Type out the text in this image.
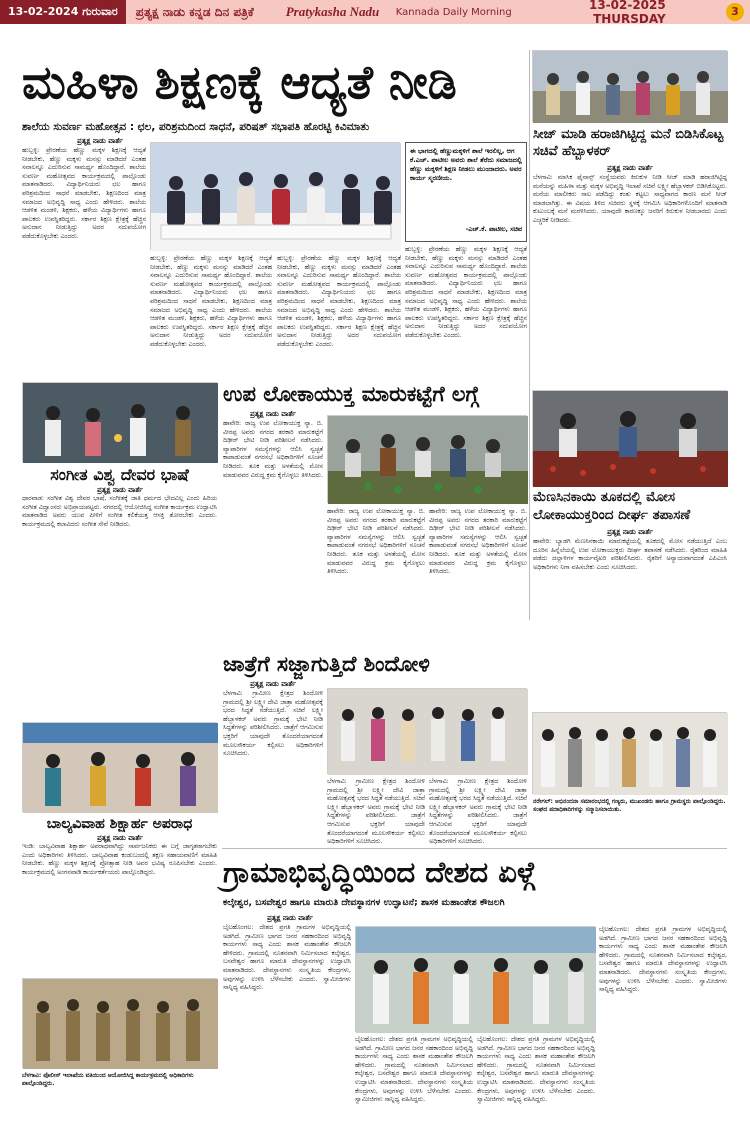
13-02-2024 ಗುರುವಾರ	ಪ್ರತ್ಯಕ್ಷ ನಾಡು ಕನ್ನಡ ದಿನ ಪತ್ರಿಕೆ	Pratykasha Nadu	Kannada Daily Morning	13-02-2025 THURSDAY
3
ಮಹಿಳಾ ಶಿಕ್ಷಣಕ್ಕೆ ಆದ್ಯತೆ ನೀಡಿ
ಶಾಲೆಯ ಸುವರ್ಣ ಮಹೋತ್ಸವ : ಛಲ, ಪರಿಶ್ರಮದಿಂದ ಸಾಧನೆ, ಪರಿಷತ್ ಸಭಾಪತಿ ಹೊರಟ್ಟಿ ಕಿವಿಮಾತು
ಪ್ರತ್ಯಕ್ಷ ನಾಡು ವಾರ್ತೆ
ಹುಬ್ಬಳ್ಳಿ: ಪ್ರೇರಣೆಯ ಹೆಣ್ಣು ಮಕ್ಕಳ ಶಿಕ್ಷಣಕ್ಕೆ ಆದ್ಯತೆ ನೀಡಬೇಕು, ಹೆಣ್ಣು ಮಕ್ಕಳು ಮನಸ್ಸು ಮಾಡಿದರೆ ಎಂತಹ ಸವಾಲನ್ನೂ ಎದುರಿಸುವ ಸಾಮರ್ಥ್ಯ ಹೊಂದಿದ್ದಾರೆ. ಶಾಲೆಯ ಸುವರ್ಣ ಮಹೋತ್ಸವದ ಕಾರ್ಯಕ್ರಮದಲ್ಲಿ ಪಾಲ್ಗೊಂಡು ಮಾತನಾಡಿದರು. ವಿದ್ಯಾರ್ಥಿನಿಯರು ಛಲ ಹಾಗೂ ಪರಿಶ್ರಮದಿಂದ ಸಾಧನೆ ಮಾಡಬೇಕು, ಶಿಕ್ಷಣದಿಂದ ಮಾತ್ರ ಸಮಾಜದ ಅಭಿವೃದ್ಧಿ ಸಾಧ್ಯ ಎಂದು ಹೇಳಿದರು. ಶಾಲೆಯ ಆಡಳಿತ ಮಂಡಳಿ, ಶಿಕ್ಷಕರು, ಹಳೆಯ ವಿದ್ಯಾರ್ಥಿಗಳು ಹಾಗೂ ಪಾಲಕರು ಉಪಸ್ಥಿತರಿದ್ದರು. ಸರ್ಕಾರ ಶಿಕ್ಷಣ ಕ್ಷೇತ್ರಕ್ಕೆ ಹೆಚ್ಚಿನ ಅನುದಾನ ನೀಡುತ್ತಿದ್ದು ಅದರ ಸದುಪಯೋಗ ಪಡೆದುಕೊಳ್ಳಬೇಕು ಎಂದರು.
ಹುಬ್ಬಳ್ಳಿ: ಪ್ರೇರಣೆಯ ಹೆಣ್ಣು ಮಕ್ಕಳ ಶಿಕ್ಷಣಕ್ಕೆ ಆದ್ಯತೆ ನೀಡಬೇಕು, ಹೆಣ್ಣು ಮಕ್ಕಳು ಮನಸ್ಸು ಮಾಡಿದರೆ ಎಂತಹ ಸವಾಲನ್ನೂ ಎದುರಿಸುವ ಸಾಮರ್ಥ್ಯ ಹೊಂದಿದ್ದಾರೆ. ಶಾಲೆಯ ಸುವರ್ಣ ಮಹೋತ್ಸವದ ಕಾರ್ಯಕ್ರಮದಲ್ಲಿ ಪಾಲ್ಗೊಂಡು ಮಾತನಾಡಿದರು. ವಿದ್ಯಾರ್ಥಿನಿಯರು ಛಲ ಹಾಗೂ ಪರಿಶ್ರಮದಿಂದ ಸಾಧನೆ ಮಾಡಬೇಕು, ಶಿಕ್ಷಣದಿಂದ ಮಾತ್ರ ಸಮಾಜದ ಅಭಿವೃದ್ಧಿ ಸಾಧ್ಯ ಎಂದು ಹೇಳಿದರು. ಶಾಲೆಯ ಆಡಳಿತ ಮಂಡಳಿ, ಶಿಕ್ಷಕರು, ಹಳೆಯ ವಿದ್ಯಾರ್ಥಿಗಳು ಹಾಗೂ ಪಾಲಕರು ಉಪಸ್ಥಿತರಿದ್ದರು. ಸರ್ಕಾರ ಶಿಕ್ಷಣ ಕ್ಷೇತ್ರಕ್ಕೆ ಹೆಚ್ಚಿನ ಅನುದಾನ ನೀಡುತ್ತಿದ್ದು ಅದರ ಸದುಪಯೋಗ ಪಡೆದುಕೊಳ್ಳಬೇಕು ಎಂದರು.
ಹುಬ್ಬಳ್ಳಿ: ಪ್ರೇರಣೆಯ ಹೆಣ್ಣು ಮಕ್ಕಳ ಶಿಕ್ಷಣಕ್ಕೆ ಆದ್ಯತೆ ನೀಡಬೇಕು, ಹೆಣ್ಣು ಮಕ್ಕಳು ಮನಸ್ಸು ಮಾಡಿದರೆ ಎಂತಹ ಸವಾಲನ್ನೂ ಎದುರಿಸುವ ಸಾಮರ್ಥ್ಯ ಹೊಂದಿದ್ದಾರೆ. ಶಾಲೆಯ ಸುವರ್ಣ ಮಹೋತ್ಸವದ ಕಾರ್ಯಕ್ರಮದಲ್ಲಿ ಪಾಲ್ಗೊಂಡು ಮಾತನಾಡಿದರು. ವಿದ್ಯಾರ್ಥಿನಿಯರು ಛಲ ಹಾಗೂ ಪರಿಶ್ರಮದಿಂದ ಸಾಧನೆ ಮಾಡಬೇಕು, ಶಿಕ್ಷಣದಿಂದ ಮಾತ್ರ ಸಮಾಜದ ಅಭಿವೃದ್ಧಿ ಸಾಧ್ಯ ಎಂದು ಹೇಳಿದರು. ಶಾಲೆಯ ಆಡಳಿತ ಮಂಡಳಿ, ಶಿಕ್ಷಕರು, ಹಳೆಯ ವಿದ್ಯಾರ್ಥಿಗಳು ಹಾಗೂ ಪಾಲಕರು ಉಪಸ್ಥಿತರಿದ್ದರು. ಸರ್ಕಾರ ಶಿಕ್ಷಣ ಕ್ಷೇತ್ರಕ್ಕೆ ಹೆಚ್ಚಿನ ಅನುದಾನ ನೀಡುತ್ತಿದ್ದು ಅದರ ಸದುಪಯೋಗ ಪಡೆದುಕೊಳ್ಳಬೇಕು ಎಂದರು.
ಈ ಭಾಗದಲ್ಲಿ ಹೆಣ್ಣುಮಕ್ಕಳಿಗೆ ಶಾಲೆ ಇರಲಿಲ್ಲ, ಆಗ ಕೆ.ಎಚ್. ಪಾಟೀಲ ಅವರು ಶಾಲೆ ತೆರೆದು ಸಮಾಜದಲ್ಲಿ ಹೆಣ್ಣು ಮಕ್ಕಳಿಗೆ ಶಿಕ್ಷಣ ನೀಡಲು ಮುಂದಾದರು. ಅವರ ಕಾರ್ಯ ಸ್ಮರಣೀಯ.
-ಎಚ್.ಕೆ. ಪಾಟೀಲ, ಸಚಿವ
ಹುಬ್ಬಳ್ಳಿ: ಪ್ರೇರಣೆಯ ಹೆಣ್ಣು ಮಕ್ಕಳ ಶಿಕ್ಷಣಕ್ಕೆ ಆದ್ಯತೆ ನೀಡಬೇಕು, ಹೆಣ್ಣು ಮಕ್ಕಳು ಮನಸ್ಸು ಮಾಡಿದರೆ ಎಂತಹ ಸವಾಲನ್ನೂ ಎದುರಿಸುವ ಸಾಮರ್ಥ್ಯ ಹೊಂದಿದ್ದಾರೆ. ಶಾಲೆಯ ಸುವರ್ಣ ಮಹೋತ್ಸವದ ಕಾರ್ಯಕ್ರಮದಲ್ಲಿ ಪಾಲ್ಗೊಂಡು ಮಾತನಾಡಿದರು. ವಿದ್ಯಾರ್ಥಿನಿಯರು ಛಲ ಹಾಗೂ ಪರಿಶ್ರಮದಿಂದ ಸಾಧನೆ ಮಾಡಬೇಕು, ಶಿಕ್ಷಣದಿಂದ ಮಾತ್ರ ಸಮಾಜದ ಅಭಿವೃದ್ಧಿ ಸಾಧ್ಯ ಎಂದು ಹೇಳಿದರು. ಶಾಲೆಯ ಆಡಳಿತ ಮಂಡಳಿ, ಶಿಕ್ಷಕರು, ಹಳೆಯ ವಿದ್ಯಾರ್ಥಿಗಳು ಹಾಗೂ ಪಾಲಕರು ಉಪಸ್ಥಿತರಿದ್ದರು. ಸರ್ಕಾರ ಶಿಕ್ಷಣ ಕ್ಷೇತ್ರಕ್ಕೆ ಹೆಚ್ಚಿನ ಅನುದಾನ ನೀಡುತ್ತಿದ್ದು ಅದರ ಸದುಪಯೋಗ ಪಡೆದುಕೊಳ್ಳಬೇಕು ಎಂದರು.
ಸೀಜ್ ಮಾಡಿ ಹರಾಜಿಗಿಟ್ಟಿದ್ದ ಮನೆ ಬಿಡಿಸಿಕೊಟ್ಟ ಸಚಿವೆ ಹೆಬ್ಬಾಳಕರ್
ಪ್ರತ್ಯಕ್ಷ ನಾಡು ವಾರ್ತೆ
ಬೆಳಗಾವಿ: ಮಾಸಿಕ ಫೈನಾನ್ಸ್ ಸಂಸ್ಥೆಯವರು ಕಿರುಕುಳ ನೀಡಿ ಸೀಜ್ ಮಾಡಿ ಹರಾಜಿಗಿಟ್ಟಿದ್ದ ಮನೆಯನ್ನು ಮಹಿಳಾ ಮತ್ತು ಮಕ್ಕಳ ಅಭಿವೃದ್ಧಿ ಇಲಾಖೆ ಸಚಿವೆ ಲಕ್ಷ್ಮೀ ಹೆಬ್ಬಾಳಕರ್ ಬಿಡಿಸಿಕೊಟ್ಟರು. ಮನೆಯ ಮಾಲೀಕರು ಸಾಲ ಪಡೆದಿದ್ದು ಕಂತು ಕಟ್ಟಲು ಸಾಧ್ಯವಾಗದ ಕಾರಣ ಮನೆ ಸೀಜ್ ಮಾಡಲಾಗಿತ್ತು. ಈ ವಿಷಯ ತಿಳಿದ ಸಚಿವರು ಸ್ಥಳಕ್ಕೆ ಆಗಮಿಸಿ ಅಧಿಕಾರಿಗಳೊಂದಿಗೆ ಮಾತನಾಡಿ ಕುಟುಂಬಕ್ಕೆ ಮನೆ ಮರಳಿಸಿದರು. ಯಾವುದೇ ಕಾರಣಕ್ಕೂ ಜನರಿಗೆ ಕಿರುಕುಳ ನೀಡಬಾರದು ಎಂದು ಎಚ್ಚರಿಕೆ ನೀಡಿದರು.
ಸಂಗೀತ ವಿಶ್ವ ದೇವರ ಭಾಷೆ
ಪ್ರತ್ಯಕ್ಷ ನಾಡು ವಾರ್ತೆ
ಧಾರವಾಡ: ಸಂಗೀತ ವಿಶ್ವ ದೇವರ ಭಾಷೆ, ಸಂಗೀತಕ್ಕೆ ಜಾತಿ ಧರ್ಮದ ಭೇದವಿಲ್ಲ ಎಂದು ಹಿರಿಯ ಸಂಗೀತ ವಿದ್ವಾಂಸರು ಅಭಿಪ್ರಾಯಪಟ್ಟರು. ನಗರದಲ್ಲಿ ಆಯೋಜಿಸಿದ್ದ ಸಂಗೀತ ಕಾರ್ಯಕ್ರಮ ಉದ್ಘಾಟಿಸಿ ಮಾತನಾಡಿದ ಅವರು ಯುವ ಪೀಳಿಗೆ ಸಂಗೀತ ಕಲಿಕೆಯತ್ತ ಆಸಕ್ತಿ ತೋರಬೇಕು ಎಂದರು. ಕಾರ್ಯಕ್ರಮದಲ್ಲಿ ಕಲಾವಿದರು ಸಂಗೀತ ಸೇವೆ ನೀಡಿದರು.
ಉಪ ಲೋಕಾಯುಕ್ತ ಮಾರುಕಟ್ಟೆಗೆ ಲಗ್ಗೆ
ಪ್ರತ್ಯಕ್ಷ ನಾಡು ವಾರ್ತೆ
ಹಾವೇರಿ: ರಾಜ್ಯ ಉಪ ಲೋಕಾಯುಕ್ತ ನ್ಯಾ. ಬಿ. ವೀರಪ್ಪ ಅವರು ನಗರದ ತರಕಾರಿ ಮಾರುಕಟ್ಟೆಗೆ ದಿಢೀರ್ ಭೇಟಿ ನೀಡಿ ಪರಿಶೀಲನೆ ನಡೆಸಿದರು. ವ್ಯಾಪಾರಿಗಳ ಸಮಸ್ಯೆಗಳನ್ನು ಆಲಿಸಿ ಸ್ವಚ್ಛತೆ ಕಾಪಾಡುವಂತೆ ನಗರಸಭೆ ಅಧಿಕಾರಿಗಳಿಗೆ ಸೂಚನೆ ನೀಡಿದರು. ತೂಕ ಮತ್ತು ಅಳತೆಯಲ್ಲಿ ಮೋಸ ಮಾಡುವವರ ವಿರುದ್ಧ ಕ್ರಮ ಕೈಗೊಳ್ಳಲು ತಿಳಿಸಿದರು.
ಹಾವೇರಿ: ರಾಜ್ಯ ಉಪ ಲೋಕಾಯುಕ್ತ ನ್ಯಾ. ಬಿ. ವೀರಪ್ಪ ಅವರು ನಗರದ ತರಕಾರಿ ಮಾರುಕಟ್ಟೆಗೆ ದಿಢೀರ್ ಭೇಟಿ ನೀಡಿ ಪರಿಶೀಲನೆ ನಡೆಸಿದರು. ವ್ಯಾಪಾರಿಗಳ ಸಮಸ್ಯೆಗಳನ್ನು ಆಲಿಸಿ ಸ್ವಚ್ಛತೆ ಕಾಪಾಡುವಂತೆ ನಗರಸಭೆ ಅಧಿಕಾರಿಗಳಿಗೆ ಸೂಚನೆ ನೀಡಿದರು. ತೂಕ ಮತ್ತು ಅಳತೆಯಲ್ಲಿ ಮೋಸ ಮಾಡುವವರ ವಿರುದ್ಧ ಕ್ರಮ ಕೈಗೊಳ್ಳಲು ತಿಳಿಸಿದರು.
ಹಾವೇರಿ: ರಾಜ್ಯ ಉಪ ಲೋಕಾಯುಕ್ತ ನ್ಯಾ. ಬಿ. ವೀರಪ್ಪ ಅವರು ನಗರದ ತರಕಾರಿ ಮಾರುಕಟ್ಟೆಗೆ ದಿಢೀರ್ ಭೇಟಿ ನೀಡಿ ಪರಿಶೀಲನೆ ನಡೆಸಿದರು. ವ್ಯಾಪಾರಿಗಳ ಸಮಸ್ಯೆಗಳನ್ನು ಆಲಿಸಿ ಸ್ವಚ್ಛತೆ ಕಾಪಾಡುವಂತೆ ನಗರಸಭೆ ಅಧಿಕಾರಿಗಳಿಗೆ ಸೂಚನೆ ನೀಡಿದರು. ತೂಕ ಮತ್ತು ಅಳತೆಯಲ್ಲಿ ಮೋಸ ಮಾಡುವವರ ವಿರುದ್ಧ ಕ್ರಮ ಕೈಗೊಳ್ಳಲು ತಿಳಿಸಿದರು.
ಮೆಣಸಿನಕಾಯಿ ತೂಕದಲ್ಲಿ ಮೋಸ ಲೋಕಾಯುಕ್ತರಿಂದ ದೀರ್ಘ ತಪಾಸಣೆ
ಪ್ರತ್ಯಕ್ಷ ನಾಡು ವಾರ್ತೆ
ಹಾವೇರಿ: ಬ್ಯಾಡಗಿ ಮೆಣಸಿನಕಾಯಿ ಮಾರುಕಟ್ಟೆಯಲ್ಲಿ ತೂಕದಲ್ಲಿ ಮೋಸ ನಡೆಯುತ್ತಿದೆ ಎಂಬ ದೂರಿನ ಹಿನ್ನೆಲೆಯಲ್ಲಿ ಉಪ ಲೋಕಾಯುಕ್ತರು ದೀರ್ಘ ತಪಾಸಣೆ ನಡೆಸಿದರು. ರೈತರಿಂದ ಮಾಹಿತಿ ಪಡೆದು ದಲ್ಲಾಳಿಗಳ ಕಾರ್ಯವೈಖರಿ ಪರಿಶೀಲಿಸಿದರು. ರೈತರಿಗೆ ಅನ್ಯಾಯವಾಗದಂತೆ ಎಪಿಎಂಸಿ ಅಧಿಕಾರಿಗಳು ನಿಗಾ ವಹಿಸಬೇಕು ಎಂದು ಸೂಚಿಸಿದರು.
ಜಾತ್ರೆಗೆ ಸಜ್ಜಾಗುತ್ತಿದೆ ಶಿಂದೋಳಿ
ಪ್ರತ್ಯಕ್ಷ ನಾಡು ವಾರ್ತೆ
ಬೆಳಗಾವಿ: ಗ್ರಾಮೀಣ ಕ್ಷೇತ್ರದ ಶಿಂದೋಳಿ ಗ್ರಾಮದಲ್ಲಿ ಶ್ರೀ ಲಕ್ಷ್ಮೀ ದೇವಿ ಜಾತ್ರಾ ಮಹೋತ್ಸವಕ್ಕೆ ಭರದ ಸಿದ್ಧತೆ ನಡೆಯುತ್ತಿದೆ. ಸಚಿವೆ ಲಕ್ಷ್ಮೀ ಹೆಬ್ಬಾಳಕರ್ ಅವರು ಗ್ರಾಮಕ್ಕೆ ಭೇಟಿ ನೀಡಿ ಸಿದ್ಧತೆಗಳನ್ನು ಪರಿಶೀಲಿಸಿದರು. ಜಾತ್ರೆಗೆ ಆಗಮಿಸುವ ಭಕ್ತರಿಗೆ ಯಾವುದೇ ತೊಂದರೆಯಾಗದಂತೆ ಮೂಲಸೌಕರ್ಯ ಕಲ್ಪಿಸಲು ಅಧಿಕಾರಿಗಳಿಗೆ ಸೂಚಿಸಿದರು.
ಬೆಳಗಾವಿ: ಗ್ರಾಮೀಣ ಕ್ಷೇತ್ರದ ಶಿಂದೋಳಿ ಗ್ರಾಮದಲ್ಲಿ ಶ್ರೀ ಲಕ್ಷ್ಮೀ ದೇವಿ ಜಾತ್ರಾ ಮಹೋತ್ಸವಕ್ಕೆ ಭರದ ಸಿದ್ಧತೆ ನಡೆಯುತ್ತಿದೆ. ಸಚಿವೆ ಲಕ್ಷ್ಮೀ ಹೆಬ್ಬಾಳಕರ್ ಅವರು ಗ್ರಾಮಕ್ಕೆ ಭೇಟಿ ನೀಡಿ ಸಿದ್ಧತೆಗಳನ್ನು ಪರಿಶೀಲಿಸಿದರು. ಜಾತ್ರೆಗೆ ಆಗಮಿಸುವ ಭಕ್ತರಿಗೆ ಯಾವುದೇ ತೊಂದರೆಯಾಗದಂತೆ ಮೂಲಸೌಕರ್ಯ ಕಲ್ಪಿಸಲು ಅಧಿಕಾರಿಗಳಿಗೆ ಸೂಚಿಸಿದರು.
ಬೆಳಗಾವಿ: ಗ್ರಾಮೀಣ ಕ್ಷೇತ್ರದ ಶಿಂದೋಳಿ ಗ್ರಾಮದಲ್ಲಿ ಶ್ರೀ ಲಕ್ಷ್ಮೀ ದೇವಿ ಜಾತ್ರಾ ಮಹೋತ್ಸವಕ್ಕೆ ಭರದ ಸಿದ್ಧತೆ ನಡೆಯುತ್ತಿದೆ. ಸಚಿವೆ ಲಕ್ಷ್ಮೀ ಹೆಬ್ಬಾಳಕರ್ ಅವರು ಗ್ರಾಮಕ್ಕೆ ಭೇಟಿ ನೀಡಿ ಸಿದ್ಧತೆಗಳನ್ನು ಪರಿಶೀಲಿಸಿದರು. ಜಾತ್ರೆಗೆ ಆಗಮಿಸುವ ಭಕ್ತರಿಗೆ ಯಾವುದೇ ತೊಂದರೆಯಾಗದಂತೆ ಮೂಲಸೌಕರ್ಯ ಕಲ್ಪಿಸಲು ಅಧಿಕಾರಿಗಳಿಗೆ ಸೂಚಿಸಿದರು.
ನರೇಗಲ್: ಅಭಿನಂದನಾ ಸಮಾರಂಭದಲ್ಲಿ ಗಣ್ಯರು, ಮುಖಂಡರು ಹಾಗೂ ಗ್ರಾಮಸ್ಥರು ಪಾಲ್ಗೊಂಡಿದ್ದರು. ಸಂಘದ ಪದಾಧಿಕಾರಿಗಳನ್ನು ಸನ್ಮಾನಿಸಲಾಯಿತು.
ಬಾಲ್ಯವಿವಾಹ ಶಿಕ್ಷಾರ್ಹ ಅಪರಾಧ
ಪ್ರತ್ಯಕ್ಷ ನಾಡು ವಾರ್ತೆ
ಇಂಡಿ: ಬಾಲ್ಯವಿವಾಹ ಶಿಕ್ಷಾರ್ಹ ಅಪರಾಧವಾಗಿದ್ದು ಸಾರ್ವಜನಿಕರು ಈ ಬಗ್ಗೆ ಜಾಗೃತರಾಗಬೇಕು ಎಂದು ಅಧಿಕಾರಿಗಳು ತಿಳಿಸಿದರು. ಬಾಲ್ಯವಿವಾಹ ಕಂಡುಬಂದಲ್ಲಿ ತಕ್ಷಣ ಸಹಾಯವಾಣಿಗೆ ಮಾಹಿತಿ ನೀಡಬೇಕು. ಹೆಣ್ಣು ಮಕ್ಕಳ ಶಿಕ್ಷಣಕ್ಕೆ ಪ್ರೋತ್ಸಾಹ ನೀಡಿ ಅವರ ಭವಿಷ್ಯ ರೂಪಿಸಬೇಕು ಎಂದರು. ಕಾರ್ಯಕ್ರಮದಲ್ಲಿ ಅಂಗನವಾಡಿ ಕಾರ್ಯಕರ್ತೆಯರು ಪಾಲ್ಗೊಂಡಿದ್ದರು.	ಗ್ರಾಮಾಭಿವೃದ್ಧಿಯಿಂದ ದೇಶದ ಏಳ್ಗೆ
ಕಲ್ಕೇಶ್ವರ, ಬಸವೇಶ್ವರ ಹಾಗೂ ಮಾರುತಿ ದೇವಸ್ಥಾನಗಳ ಉದ್ಘಾಟನೆ; ಶಾಸಕ ಮಹಾಂತೇಶ ಕೌಜಲಗಿ
ಪ್ರತ್ಯಕ್ಷ ನಾಡು ವಾರ್ತೆ
ಬೈಲಹೊಂಗಲ: ದೇಶದ ಪ್ರಗತಿ ಗ್ರಾಮಗಳ ಅಭಿವೃದ್ಧಿಯಲ್ಲಿ ಅಡಗಿದೆ. ಗ್ರಾಮೀಣ ಭಾಗದ ಜನರ ಸಹಕಾರದಿಂದ ಅಭಿವೃದ್ಧಿ ಕಾರ್ಯಗಳು ಸಾಧ್ಯ ಎಂದು ಶಾಸಕ ಮಹಾಂತೇಶ ಕೌಜಲಗಿ ಹೇಳಿದರು. ಗ್ರಾಮದಲ್ಲಿ ನೂತನವಾಗಿ ನಿರ್ಮಿಸಲಾದ ಕಲ್ಕೇಶ್ವರ, ಬಸವೇಶ್ವರ ಹಾಗೂ ಮಾರುತಿ ದೇವಸ್ಥಾನಗಳನ್ನು ಉದ್ಘಾಟಿಸಿ ಮಾತನಾಡಿದರು. ದೇವಸ್ಥಾನಗಳು ಸಂಸ್ಕೃತಿಯ ಕೇಂದ್ರಗಳು, ಅವುಗಳನ್ನು ಉಳಿಸಿ ಬೆಳೆಸಬೇಕು ಎಂದರು. ಸ್ವಾಮೀಜಿಗಳು ಸಾನ್ನಿಧ್ಯ ವಹಿಸಿದ್ದರು.
ಬೈಲಹೊಂಗಲ: ದೇಶದ ಪ್ರಗತಿ ಗ್ರಾಮಗಳ ಅಭಿವೃದ್ಧಿಯಲ್ಲಿ ಅಡಗಿದೆ. ಗ್ರಾಮೀಣ ಭಾಗದ ಜನರ ಸಹಕಾರದಿಂದ ಅಭಿವೃದ್ಧಿ ಕಾರ್ಯಗಳು ಸಾಧ್ಯ ಎಂದು ಶಾಸಕ ಮಹಾಂತೇಶ ಕೌಜಲಗಿ ಹೇಳಿದರು. ಗ್ರಾಮದಲ್ಲಿ ನೂತನವಾಗಿ ನಿರ್ಮಿಸಲಾದ ಕಲ್ಕೇಶ್ವರ, ಬಸವೇಶ್ವರ ಹಾಗೂ ಮಾರುತಿ ದೇವಸ್ಥಾನಗಳನ್ನು ಉದ್ಘಾಟಿಸಿ ಮಾತನಾಡಿದರು. ದೇವಸ್ಥಾನಗಳು ಸಂಸ್ಕೃತಿಯ ಕೇಂದ್ರಗಳು, ಅವುಗಳನ್ನು ಉಳಿಸಿ ಬೆಳೆಸಬೇಕು ಎಂದರು. ಸ್ವಾಮೀಜಿಗಳು ಸಾನ್ನಿಧ್ಯ ವಹಿಸಿದ್ದರು.
ಬೈಲಹೊಂಗಲ: ದೇಶದ ಪ್ರಗತಿ ಗ್ರಾಮಗಳ ಅಭಿವೃದ್ಧಿಯಲ್ಲಿ ಅಡಗಿದೆ. ಗ್ರಾಮೀಣ ಭಾಗದ ಜನರ ಸಹಕಾರದಿಂದ ಅಭಿವೃದ್ಧಿ ಕಾರ್ಯಗಳು ಸಾಧ್ಯ ಎಂದು ಶಾಸಕ ಮಹಾಂತೇಶ ಕೌಜಲಗಿ ಹೇಳಿದರು. ಗ್ರಾಮದಲ್ಲಿ ನೂತನವಾಗಿ ನಿರ್ಮಿಸಲಾದ ಕಲ್ಕೇಶ್ವರ, ಬಸವೇಶ್ವರ ಹಾಗೂ ಮಾರುತಿ ದೇವಸ್ಥಾನಗಳನ್ನು ಉದ್ಘಾಟಿಸಿ ಮಾತನಾಡಿದರು. ದೇವಸ್ಥಾನಗಳು ಸಂಸ್ಕೃತಿಯ ಕೇಂದ್ರಗಳು, ಅವುಗಳನ್ನು ಉಳಿಸಿ ಬೆಳೆಸಬೇಕು ಎಂದರು. ಸ್ವಾಮೀಜಿಗಳು ಸಾನ್ನಿಧ್ಯ ವಹಿಸಿದ್ದರು.
ಬೈಲಹೊಂಗಲ: ದೇಶದ ಪ್ರಗತಿ ಗ್ರಾಮಗಳ ಅಭಿವೃದ್ಧಿಯಲ್ಲಿ ಅಡಗಿದೆ. ಗ್ರಾಮೀಣ ಭಾಗದ ಜನರ ಸಹಕಾರದಿಂದ ಅಭಿವೃದ್ಧಿ ಕಾರ್ಯಗಳು ಸಾಧ್ಯ ಎಂದು ಶಾಸಕ ಮಹಾಂತೇಶ ಕೌಜಲಗಿ ಹೇಳಿದರು. ಗ್ರಾಮದಲ್ಲಿ ನೂತನವಾಗಿ ನಿರ್ಮಿಸಲಾದ ಕಲ್ಕೇಶ್ವರ, ಬಸವೇಶ್ವರ ಹಾಗೂ ಮಾರುತಿ ದೇವಸ್ಥಾನಗಳನ್ನು ಉದ್ಘಾಟಿಸಿ ಮಾತನಾಡಿದರು. ದೇವಸ್ಥಾನಗಳು ಸಂಸ್ಕೃತಿಯ ಕೇಂದ್ರಗಳು, ಅವುಗಳನ್ನು ಉಳಿಸಿ ಬೆಳೆಸಬೇಕು ಎಂದರು. ಸ್ವಾಮೀಜಿಗಳು ಸಾನ್ನಿಧ್ಯ ವಹಿಸಿದ್ದರು.
ಬೆಳಗಾವಿ: ಪೊಲೀಸ್ ಇಲಾಖೆಯ ವತಿಯಿಂದ ಆಯೋಜಿಸಿದ್ದ ಕಾರ್ಯಕ್ರಮದಲ್ಲಿ ಅಧಿಕಾರಿಗಳು ಪಾಲ್ಗೊಂಡಿದ್ದರು.
